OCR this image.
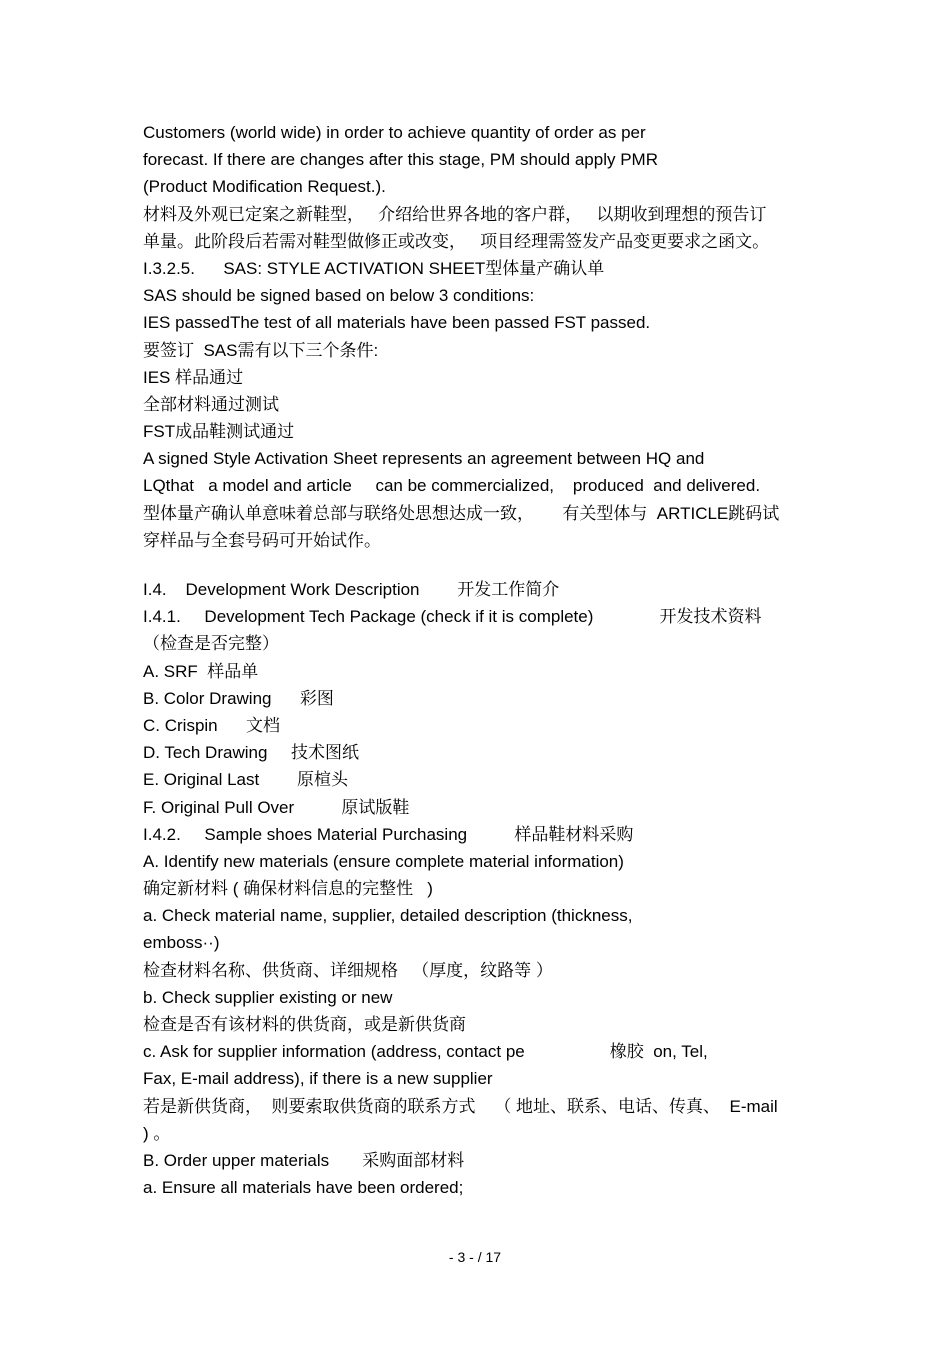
Customers (world wide) in order to achieve quantity of order as per
forecast. If there are changes after this stage, PM should apply PMR
(Product Modification Request.).
材料及外观已定案之新鞋型，   介绍给世界各地的客户群，   以期收到理想的预告订
单量。此阶段后若需对鞋型做修正或改变，   项目经理需签发产品变更要求之函文。
I.3.2.5.      SAS: STYLE ACTIVATION SHEET型体量产确认单
SAS should be signed based on below 3 conditions:
IES passedThe test of all materials have been passed FST passed.
要签订  SAS需有以下三个条件:
IES 样品通过
全部材料通过测试
FST成品鞋测试通过
A signed Style Activation Sheet represents an agreement between HQ and
LQthat   a model and article     can be commercialized,    produced  and delivered.
型体量产确认单意味着总部与联络处思想达成一致，      有关型体与  ARTICLE跳码试
穿样品与全套号码可开始试作。
I.4.    Development Work Description        开发工作简介
I.4.1.     Development Tech Package (check if it is complete)              开发技术资料
（检查是否完整）
A. SRF  样品单
B. Color Drawing      彩图
C. Crispin      文档
D. Tech Drawing     技术图纸
E. Original Last        原楦头
F. Original Pull Over          原试版鞋
I.4.2.     Sample shoes Material Purchasing          样品鞋材料采购
A. Identify new materials (ensure complete material information)
确定新材料 ( 确保材料信息的完整性   )
a. Check material name, supplier, detailed description (thickness,
emboss··)
检查材料名称、供货商、详细规格   （厚度，纹路等 ）
b. Check supplier existing or new
检查是否有该材料的供货商，或是新供货商
c. Ask for supplier information (address, contact pe                  橡胶  on, Tel,
Fax, E-mail address), if there is a new supplier
若是新供货商，  则要索取供货商的联系方式    （ 地址、联系、电话、传真、  E-mail
) 。
B. Order upper materials       采购面部材料
a. Ensure all materials have been ordered;
- 3 - / 17
